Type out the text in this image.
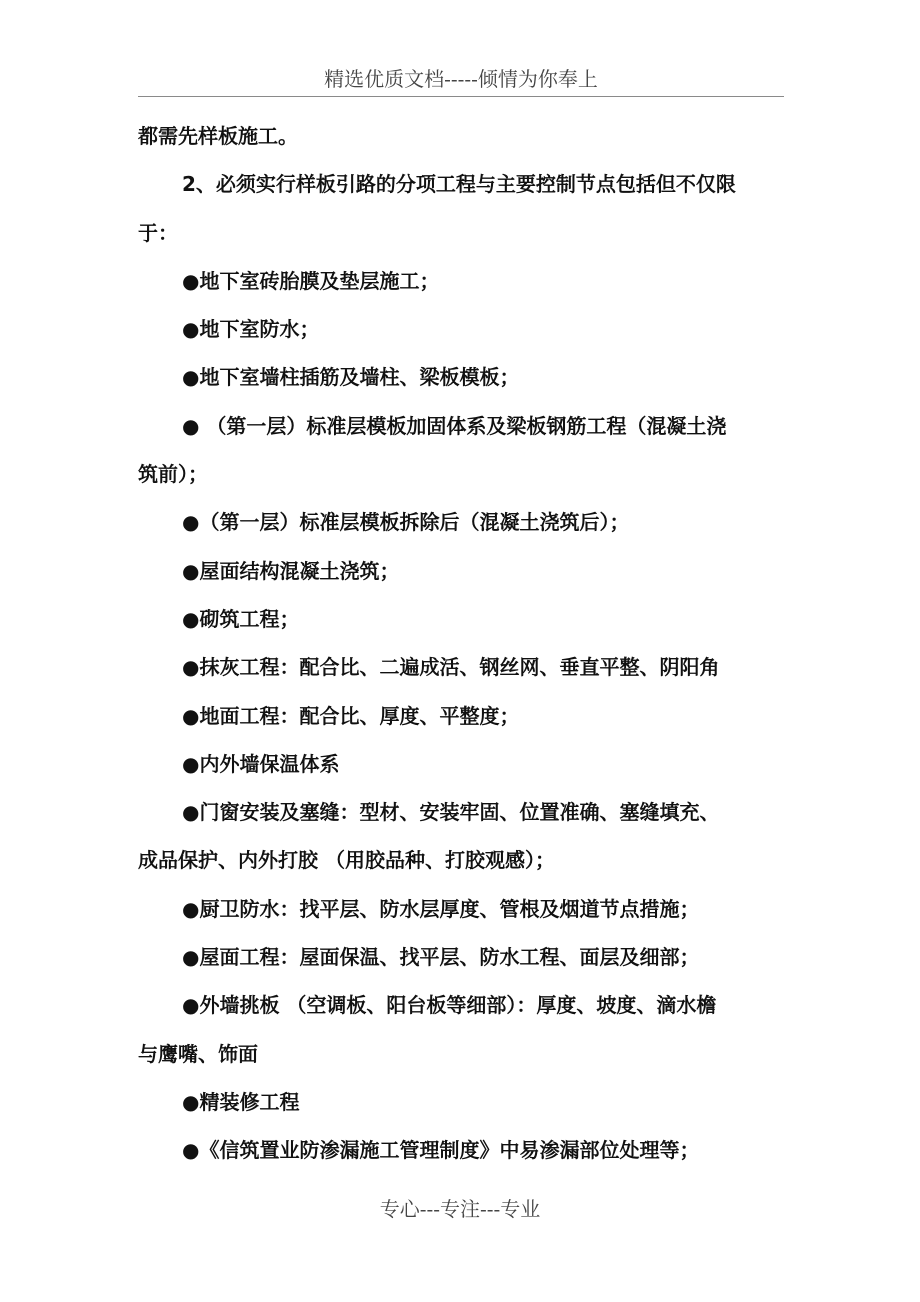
精选优质文档-----倾情为你奉上
都需先样板施工。
2、必须实行样板引路的分项工程与主要控制节点包括但不仅限
于：
●地下室砖胎膜及垫层施工；
●地下室防水；
●地下室墙柱插筋及墙柱、梁板模板；
● （第一层）标准层模板加固体系及梁板钢筋工程（混凝土浇
筑前）；
●（第一层）标准层模板拆除后（混凝土浇筑后）；
●屋面结构混凝土浇筑；
●砌筑工程；
●抹灰工程：配合比、二遍成活、钢丝网、垂直平整、阴阳角
●地面工程：配合比、厚度、平整度；
●内外墙保温体系
●门窗安装及塞缝：型材、安装牢固、位置准确、塞缝填充、
成品保护、内外打胶 （用胶品种、打胶观感）；
●厨卫防水：找平层、防水层厚度、管根及烟道节点措施；
●屋面工程：屋面保温、找平层、防水工程、面层及细部；
●外墙挑板 （空调板、阳台板等细部）：厚度、坡度、滴水檐
与鹰嘴、饰面
●精装修工程
●《信筑置业防渗漏施工管理制度》中易渗漏部位处理等；
专心---专注---专业
